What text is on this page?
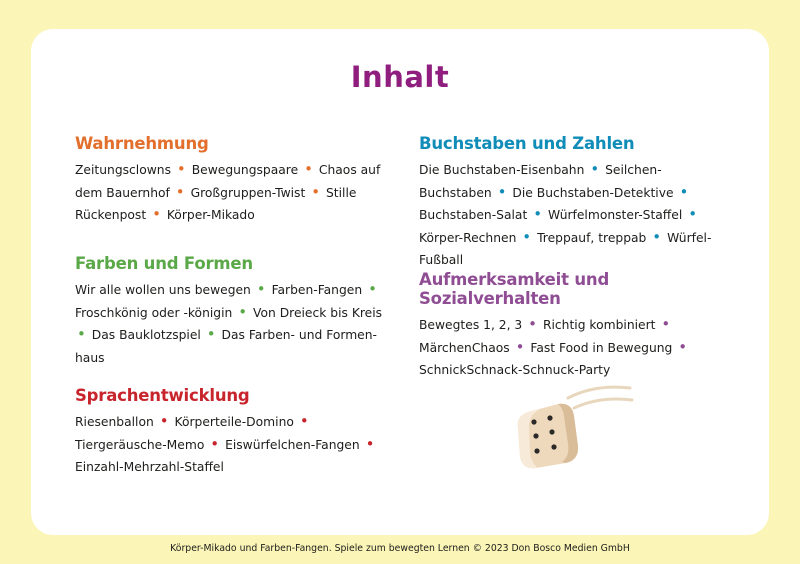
Inhalt
Wahrnehmung

Zeitungsclowns • Bewegungspaare • Chaos auf dem Bauernhof • Großgruppen-Twist • Stille Rückenpost • Körper-Mikado

Farben und Formen

Wir alle wollen uns bewegen • Farben-Fangen • Froschkönig oder -königin • Von Dreieck bis Kreis • Das Bauklotzspiel • Das Farben- und Formenhaus

Sprachentwicklung

Riesenballon • Körperteile-Domino • Tiergeräusche-Memo • Eiswürfelchen-Fangen • Einzahl-Mehrzahl-Staffel

Buchstaben und Zahlen

Die Buchstaben-Eisenbahn • Seilchen-Buchstaben • Die Buchstaben-Detektive • Buchstaben-Salat • Würfelmonster-Staffel • Körper-Rechnen • Treppauf, treppab • Würfel-Fußball

Aufmerksamkeit und Sozialverhalten

Bewegtes 1, 2, 3 • Richtig kombiniert • MärchenChaos • Fast Food in Bewegung • SchnickSchnack-Schnuck-Party

Körper-Mikado und Farben-Fangen. Spiele zum bewegten Lernen © 2023 Don Bosco Medien GmbH
